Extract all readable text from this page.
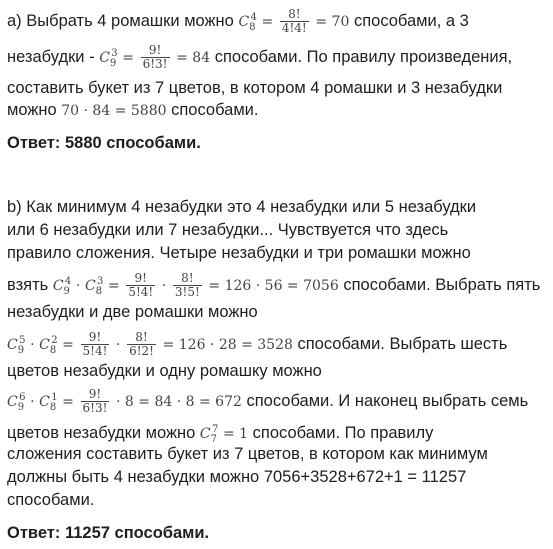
а) Выбрать 4 ромашки можно $C_8^4 = \frac{8!}{4!4!} = 70$ способами, а 3
незабудки - $C_9^3 = \frac{9!}{6!3!} = 84$ способами. По правилу произведения,
составить букет из 7 цветов, в котором 4 ромашки и 3 незабудки
можно 70 · 84 = 5880 способами.
Ответ: 5880 способами.
b) Как минимум 4 незабудки это 4 незабудки или 5 незабудки
или 6 незабудки или 7 незабудки... Чувствуется что здесь
правило сложения. Четыре незабудки и три ромашки можно
взять $C_9^4 \cdot C_8^3 = \frac{9!}{5!4!} \cdot \frac{8!}{3!5!} = 126 \cdot 56 = 7056$ способами. Выбрать пять
незабудки и две ромашки можно
$C_9^5 \cdot C_8^2 = \frac{9!}{5!4!} \cdot \frac{8!}{6!2!} = 126 \cdot 28 = 3528$ способами. Выбрать шесть
цветов незабудки и одну ромашку можно
$C_9^6 \cdot C_8^1 = \frac{9!}{6!3!} \cdot 8 = 84 \cdot 8 = 672$ способами. И наконец выбрать семь
цветов незабудки можно $C_7^7 = 1$ способами. По правилу
сложения составить букет из 7 цветов, в котором как минимум
должны быть 4 незабудки можно 7056+3528+672+1 = 11257
способами.
Ответ: 11257 способами.
